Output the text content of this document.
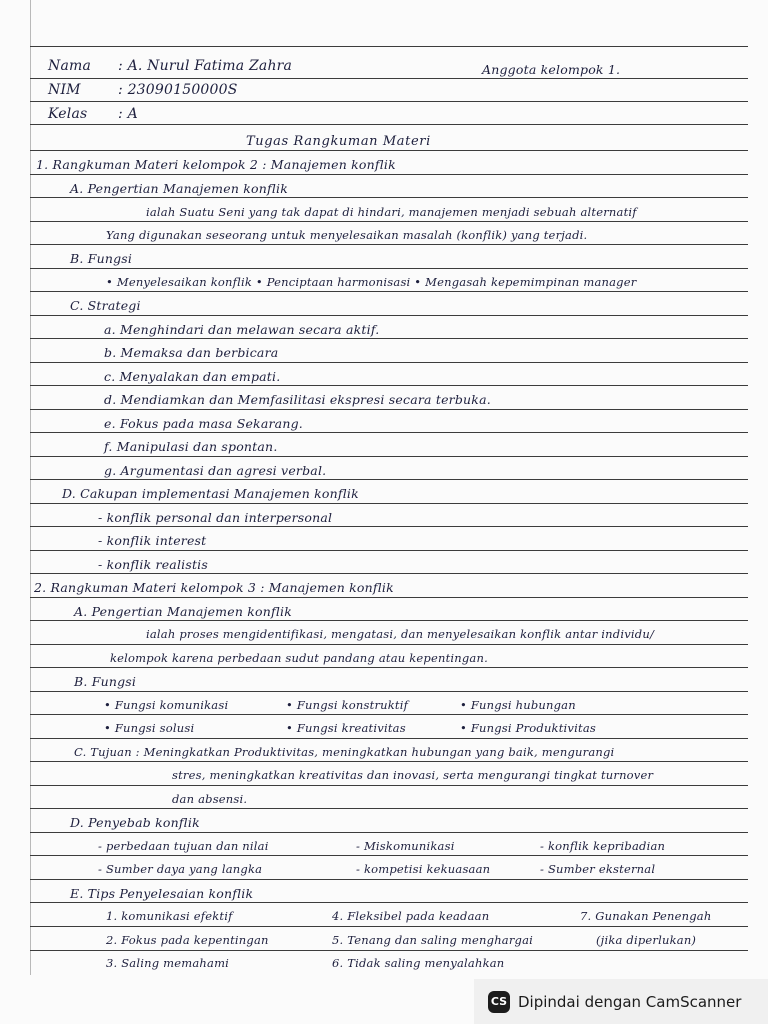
Nama : A. Nurul Fatima Zahra	Anggota kelompok 1.
NIM	: 23090150000S
Kelas : A
Tugas Rangkuman Materi
1. Rangkuman Materi kelompok 2 : Manajemen konflik
A. Pengertian Manajemen konflik
ialah Suatu Seni yang tak dapat di hindari, manajemen menjadi sebuah alternatif
Yang digunakan seseorang untuk menyelesaikan masalah (konflik) yang terjadi.
B. Fungsi
• Menyelesaikan konflik • Penciptaan harmonisasi • Mengasah kepemimpinan manager
C. Strategi
a. Menghindari dan melawan secara aktif.
b. Memaksa dan berbicara
c. Menyalakan dan empati.
d. Mendiamkan dan Memfasilitasi ekspresi secara terbuka.
e. Fokus pada masa Sekarang.
f. Manipulasi dan spontan.
g. Argumentasi dan agresi verbal.
D. Cakupan implementasi Manajemen konflik
- konflik personal dan interpersonal
- konflik interest
- konflik realistis
2. Rangkuman Materi kelompok 3 : Manajemen konflik
A. Pengertian Manajemen konflik
ialah proses mengidentifikasi, mengatasi, dan menyelesaikan konflik antar individu/
kelompok karena perbedaan sudut pandang atau kepentingan.
B. Fungsi
• Fungsi komunikasi	• Fungsi konstruktif	• Fungsi hubungan
• Fungsi solusi	• Fungsi kreativitas	• Fungsi Produktivitas
C. Tujuan : Meningkatkan Produktivitas, meningkatkan hubungan yang baik, mengurangi
stres, meningkatkan kreativitas dan inovasi, serta mengurangi tingkat turnover
dan absensi.
D. Penyebab konflik
- perbedaan tujuan dan nilai	- Miskomunikasi	- konflik kepribadian
- Sumber daya yang langka	- kompetisi kekuasaan	- Sumber eksternal
E. Tips Penyelesaian konflik
1. komunikasi efektif	4. Fleksibel pada keadaan	7. Gunakan Penengah
2. Fokus pada kepentingan	5. Tenang dan saling menghargai	(jika diperlukan)
3. Saling memahami	6. Tidak saling menyalahkan
CS Dipindai dengan CamScanner
